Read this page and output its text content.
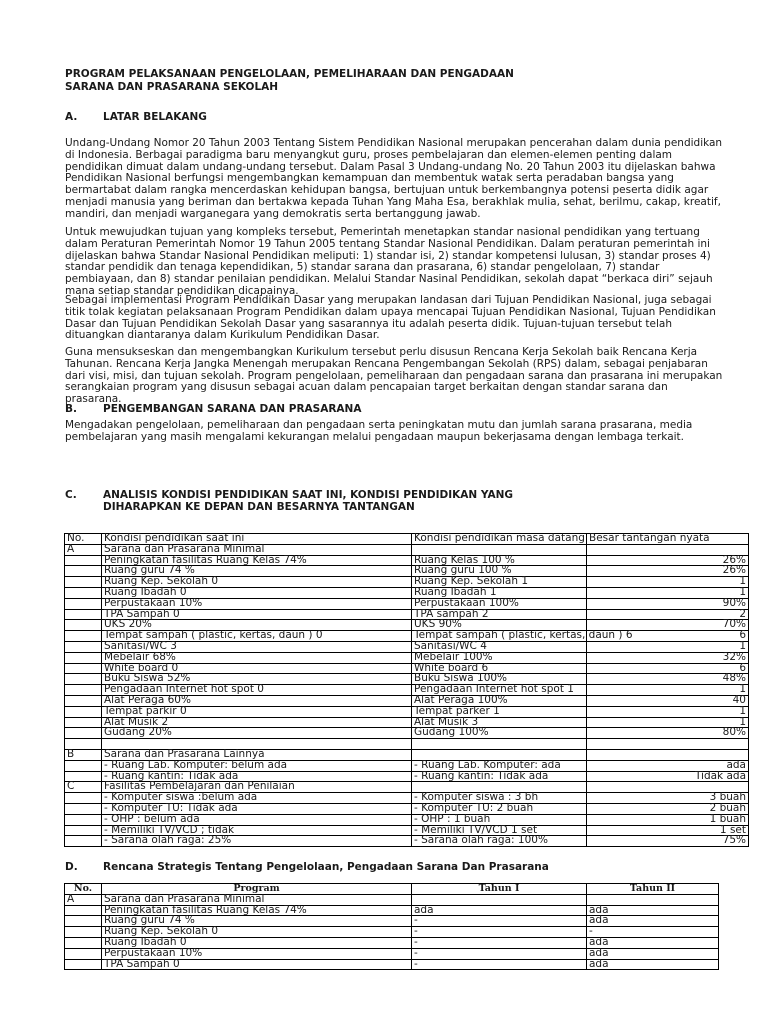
PROGRAM PELAKSANAAN PENGELOLAAN, PEMELIHARAAN DAN PENGADAAN
SARANA DAN PRASARANA SEKOLAH
A. LATAR BELAKANG
Undang-Undang Nomor 20 Tahun 2003 Tentang Sistem Pendidikan Nasional merupakan pencerahan dalam dunia pendidikan di Indonesia. Berbagai paradigma baru menyangkut guru, proses pembelajaran dan elemen-elemen penting dalam pendidikan dimuat dalam undang-undang tersebut. Dalam Pasal 3 Undang-undang No. 20 Tahun 2003 itu dijelaskan bahwa Pendidikan Nasional berfungsi mengembangkan kemampuan dan membentuk watak serta peradaban bangsa yang bermartabat dalam rangka mencerdaskan kehidupan bangsa, bertujuan untuk berkembangnya potensi peserta didik agar menjadi manusia yang beriman dan bertakwa kepada Tuhan Yang Maha Esa, berakhlak mulia, sehat, berilmu, cakap, kreatif, mandiri, dan menjadi warganegara yang demokratis serta bertanggung jawab.
Untuk mewujudkan tujuan yang kompleks tersebut, Pemerintah menetapkan standar nasional pendidikan yang tertuang dalam Peraturan Pemerintah Nomor 19 Tahun 2005 tentang Standar Nasional Pendidikan. Dalam peraturan pemerintah ini dijelaskan bahwa Standar Nasional Pendidikan meliputi: 1) standar isi, 2) standar kompetensi lulusan, 3) standar proses 4) standar pendidik dan tenaga kependidikan, 5) standar sarana dan prasarana, 6) standar pengelolaan, 7) standar pembiayaan, dan 8) standar penilaian pendidikan. Melalui Standar Nasinal Pendidikan, sekolah dapat “berkaca diri” sejauh mana setiap standar pendidikan dicapainya.
Sebagai implementasi Program Pendidikan Dasar yang merupakan landasan dari Tujuan Pendidikan Nasional, juga sebagai titik tolak kegiatan pelaksanaan Program Pendidikan dalam upaya mencapai Tujuan Pendidikan Nasional, Tujuan Pendidikan Dasar dan Tujuan Pendidikan Sekolah Dasar yang sasarannya itu adalah peserta didik. Tujuan-tujuan tersebut telah dituangkan diantaranya dalam Kurikulum Pendidikan Dasar.
Guna mensukseskan dan mengembangkan Kurikulum tersebut perlu disusun Rencana Kerja Sekolah baik Rencana Kerja Tahunan. Rencana Kerja Jangka Menengah merupakan Rencana Pengembangan Sekolah (RPS) dalam, sebagai penjabaran dari visi, misi, dan tujuan sekolah. Program pengelolaan, pemeliharaan dan pengadaan sarana dan prasarana ini merupakan serangkaian program yang disusun sebagai acuan dalam pencapaian target berkaitan dengan standar sarana dan prasarana.
B. PENGEMBANGAN SARANA DAN PRASARANA
Mengadakan pengelolaan, pemeliharaan dan pengadaan serta peningkatan mutu dan jumlah sarana prasarana, media pembelajaran yang masih mengalami kekurangan melalui pengadaan maupun bekerjasama dengan lembaga terkait.
C.	ANALISIS KONDISI PENDIDIKAN SAAT INI, KONDISI PENDIDIKAN YANG DIHARAPKAN KE DEPAN DAN BESARNYA TANTANGAN
No.	Kondisi pendidikan saat ini	Kondisi pendidikan masa datang	Besar tantangan nyata
A	Sarana dan Prasarana Minimal		
	Peningkatan fasilitas Ruang Kelas 74%	Ruang Kelas 100 %	26%
	Ruang guru 74 %	Ruang guru 100 %	26%
	Ruang Kep. Sekolah 0	Ruang Kep. Sekolah 1	1
	Ruang Ibadah 0	Ruang Ibadah 1	1
	Perpustakaan 10%	Perpustakaan 100%	90%
	TPA Sampah 0	TPA sampah 2	2
	UKS 20%	UKS 90%	70%
	Tempat sampah ( plastic, kertas, daun ) 0	Tempat sampah ( plastic, kertas, daun ) 6	6
	Sanitasi/WC 3	Sanitasi/WC 4	1
	Mebelair 68%	Mebelair 100%	32%
	White board 0	White board 6	6
	Buku Siswa 52%	Buku Siswa 100%	48%
	Pengadaan Internet hot spot 0	Pengadaan Internet hot spot 1	1
	Alat Peraga 60%	Alat Peraga 100%	40
	Tempat parkir 0	Tempat parker 1	1
	Alat Musik 2	Alat Musik 3	1
	Gudang 20%	Gudang 100%	80%

B	Sarana dan Prasarana Lainnya		
	- Ruang Lab. Komputer: belum ada	- Ruang Lab. Komputer: ada	ada
	- Ruang kantin: Tidak ada	- Ruang kantin: Tidak ada	Tidak ada
C	Fasilitas Pembelajaran dan Penilaian		
	- Komputer siswa :belum ada	- Komputer siswa : 3 bh	3 buah
	- Komputer TU: Tidak ada	- Komputer TU: 2 buah	2 buah
	- OHP : belum ada	- OHP : 1 buah	1 buah
	- Memiliki TV/VCD ; tidak	- Memiliki TV/VCD 1 set	1 set
	- Sarana olah raga: 25%	- Sarana olah raga: 100%	75%
D. Rencana Strategis Tentang Pengelolaan, Pengadaan Sarana Dan Prasarana
No.	Program	Tahun I	Tahun II
A	Sarana dan Prasarana Minimal		
	Peningkatan fasilitas Ruang Kelas 74%	ada	ada
	Ruang guru 74 %	-	ada
	Ruang Kep. Sekolah 0	-	-
	Ruang Ibadah 0	-	ada
	Perpustakaan 10%	-	ada
	TPA Sampah 0	-	ada
